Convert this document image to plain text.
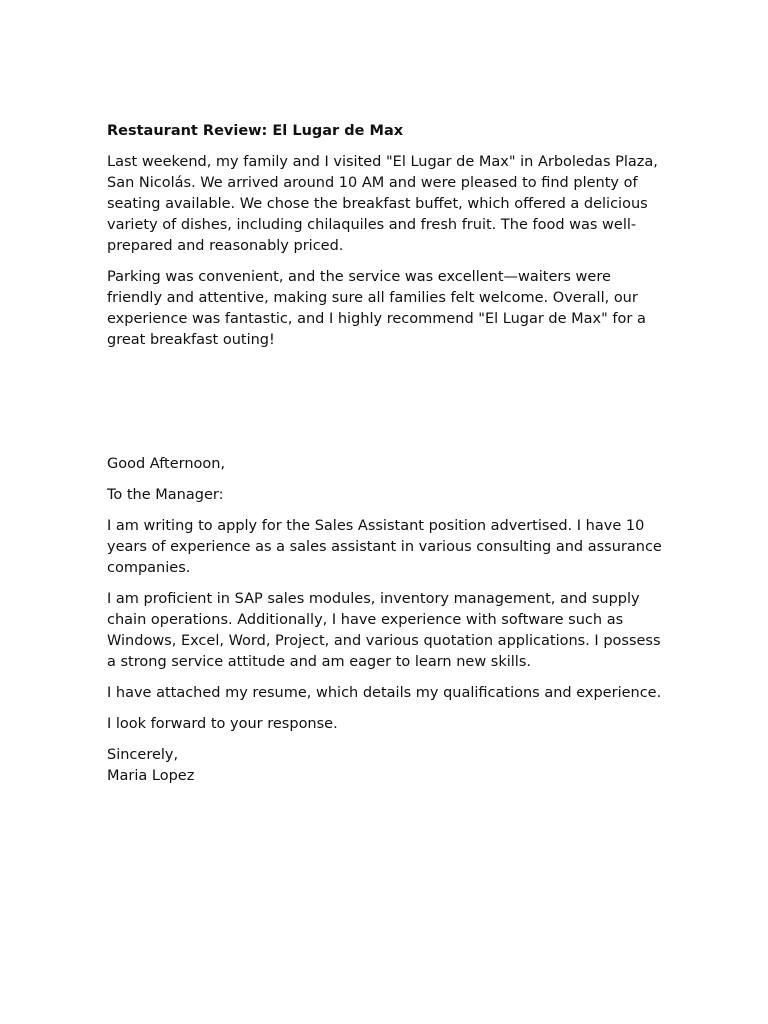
Restaurant Review: El Lugar de Max

Last weekend, my family and I visited "El Lugar de Max" in Arboledas Plaza, San Nicolás. We arrived around 10 AM and were pleased to find plenty of seating available. We chose the breakfast buffet, which offered a delicious variety of dishes, including chilaquiles and fresh fruit. The food was well-prepared and reasonably priced.

Parking was convenient, and the service was excellent—waiters were friendly and attentive, making sure all families felt welcome. Overall, our experience was fantastic, and I highly recommend "El Lugar de Max" for a great breakfast outing!

Good Afternoon,

To the Manager:

I am writing to apply for the Sales Assistant position advertised. I have 10 years of experience as a sales assistant in various consulting and assurance companies.

I am proficient in SAP sales modules, inventory management, and supply chain operations. Additionally, I have experience with software such as Windows, Excel, Word, Project, and various quotation applications. I possess a strong service attitude and am eager to learn new skills.

I have attached my resume, which details my qualifications and experience.

I look forward to your response.

Sincerely,

Maria Lopez
